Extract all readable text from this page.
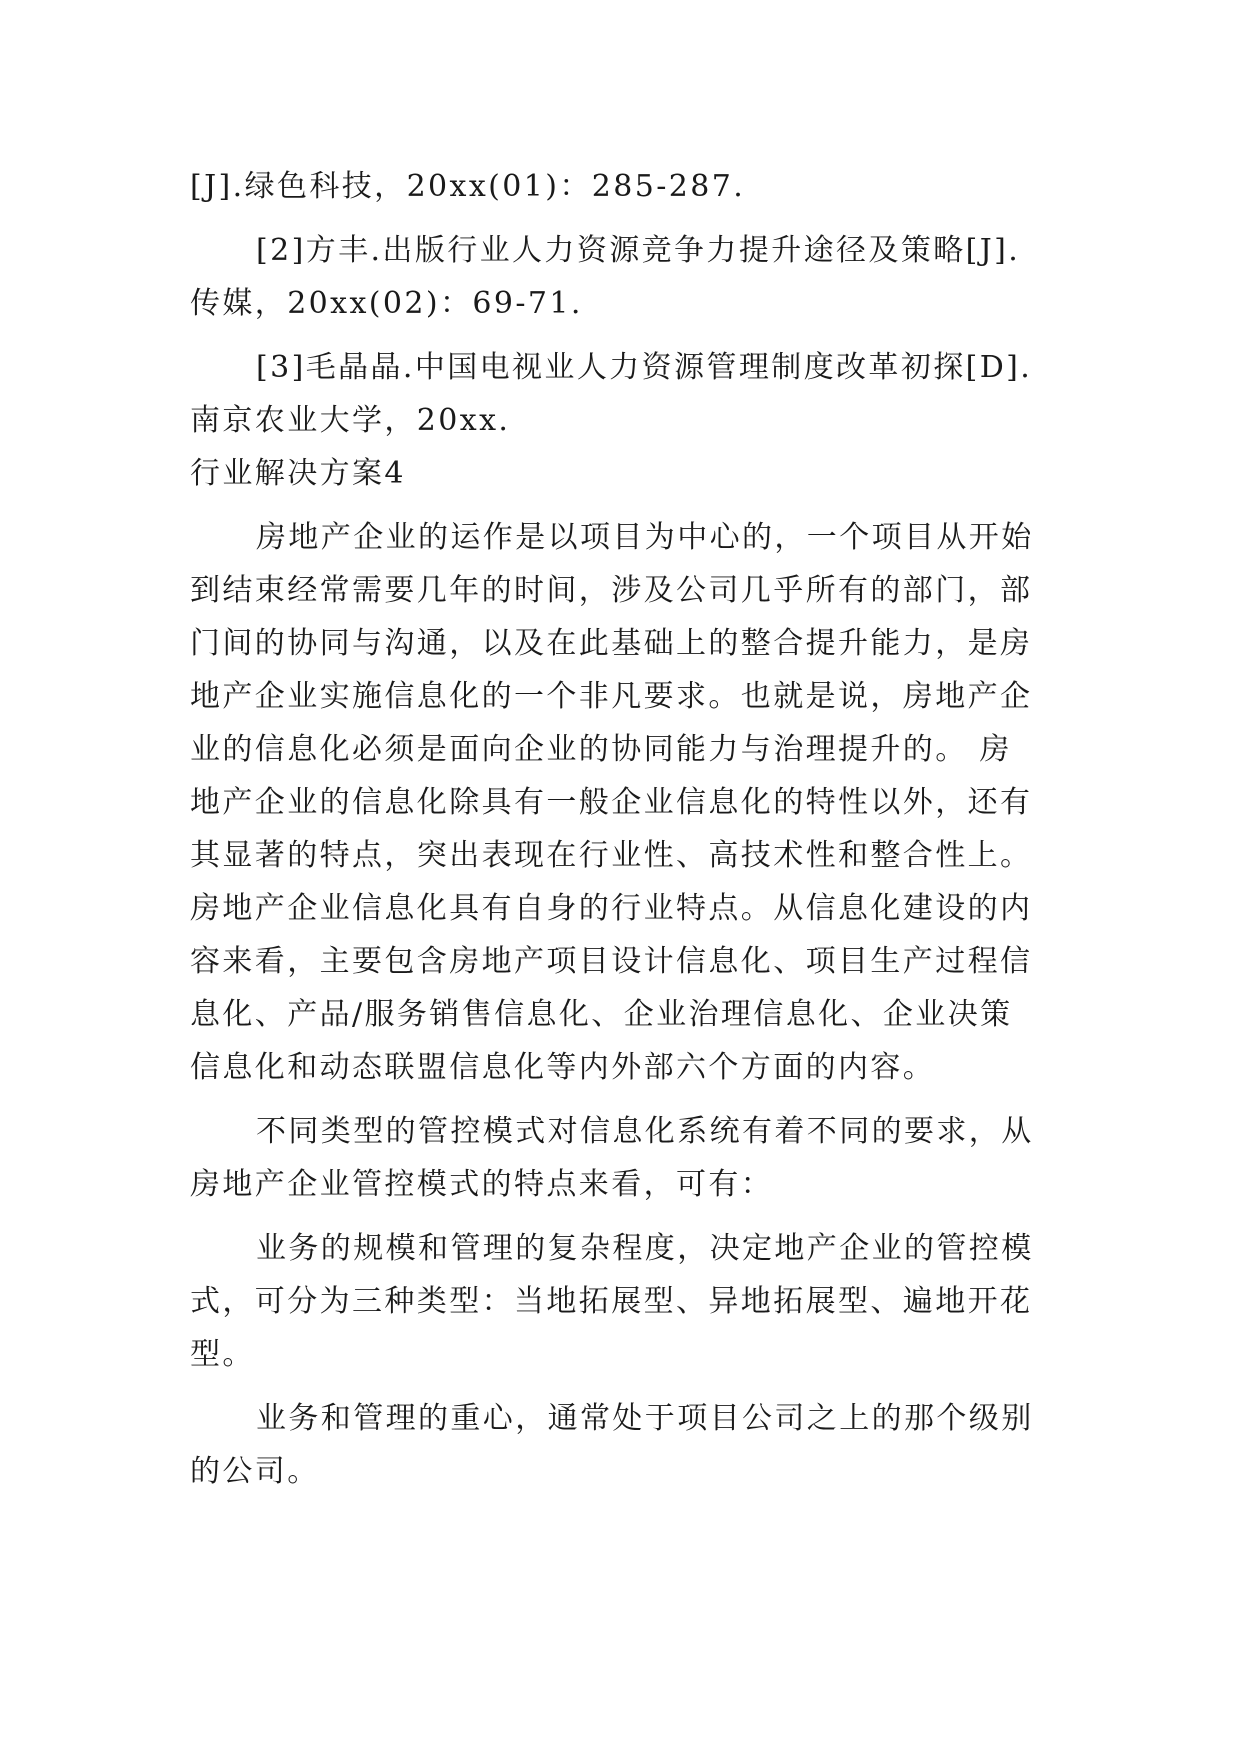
[J].绿色科技，20xx(01)：285-287.
[2]方丰.出版行业人力资源竞争力提升途径及策略[J].
传媒，20xx(02)：69-71.
[3]毛晶晶.中国电视业人力资源管理制度改革初探[D].
南京农业大学，20xx.
行业解决方案4
房地产企业的运作是以项目为中心的，一个项目从开始
到结束经常需要几年的时间，涉及公司几乎所有的部门，部
门间的协同与沟通，以及在此基础上的整合提升能力，是房
地产企业实施信息化的一个非凡要求。也就是说，房地产企
业的信息化必须是面向企业的协同能力与治理提升的。 房
地产企业的信息化除具有一般企业信息化的特性以外，还有
其显著的特点，突出表现在行业性、高技术性和整合性上。
房地产企业信息化具有自身的行业特点。从信息化建设的内
容来看，主要包含房地产项目设计信息化、项目生产过程信
息化、产品/服务销售信息化、企业治理信息化、企业决策
信息化和动态联盟信息化等内外部六个方面的内容。
不同类型的管控模式对信息化系统有着不同的要求，从
房地产企业管控模式的特点来看，可有：
业务的规模和管理的复杂程度，决定地产企业的管控模
式，可分为三种类型：当地拓展型、异地拓展型、遍地开花
型。
业务和管理的重心，通常处于项目公司之上的那个级别
的公司。
